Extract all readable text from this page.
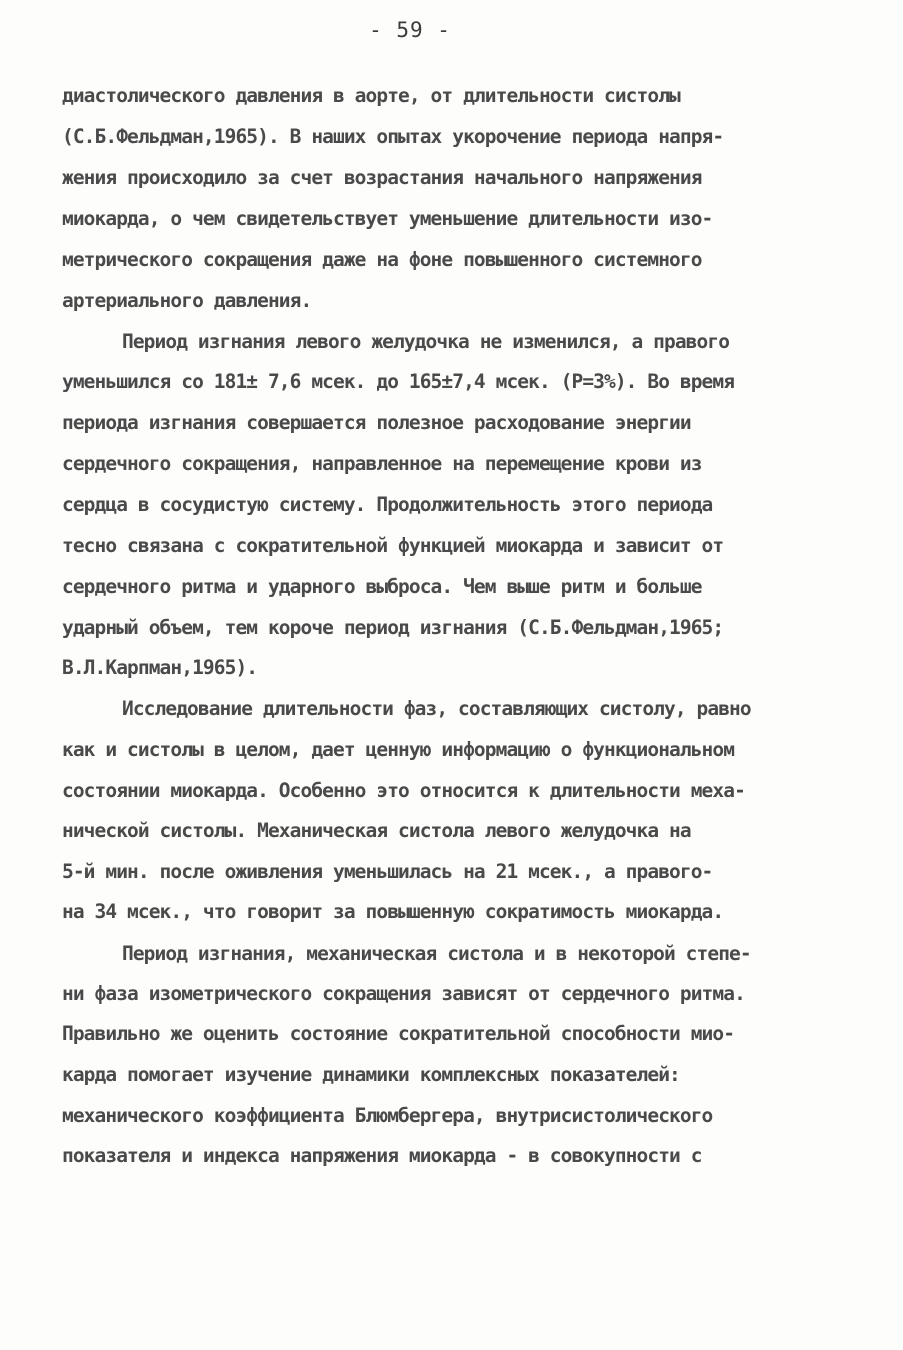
- 59 -
диастолического давления в аорте, от длительности систолы
(С.Б.Фельдман,1965). В наших опытах укорочение периода напря-
жения происходило за счет возрастания начального напряжения
миокарда, о чем свидетельствует уменьшение длительности изо-
метрического сокращения даже на фоне повышенного системного
артериального давления.
Период изгнания левого желудочка не изменился, а правого
уменьшился со 181± 7,6 мсек. до 165±7,4 мсек. (Р=3%). Во время
периода изгнания совершается полезное расходование энергии
сердечного сокращения, направленное на перемещение крови из
сердца в сосудистую систему. Продолжительность этого периода
тесно связана с сократительной функцией миокарда и зависит от
сердечного ритма и ударного выброса. Чем выше ритм и больше
ударный объем, тем короче период изгнания (С.Б.Фельдман,1965;
В.Л.Карпман,1965).
Исследование длительности фаз, составляющих систолу, равно
как и систолы в целом, дает ценную информацию о функциональном
состоянии миокарда. Особенно это относится к длительности меха-
нической систолы. Механическая систола левого желудочка на
5-й мин. после оживления уменьшилась на 21 мсек., а правого-
на 34 мсек., что говорит за повышенную сократимость миокарда.
Период изгнания, механическая систола и в некоторой степе-
ни фаза изометрического сокращения зависят от сердечного ритма.
Правильно же оценить состояние сократительной способности мио-
карда помогает изучение динамики комплексных показателей:
механического коэффициента Блюмбергера, внутрисистолического
показателя и индекса напряжения миокарда - в совокупности с
